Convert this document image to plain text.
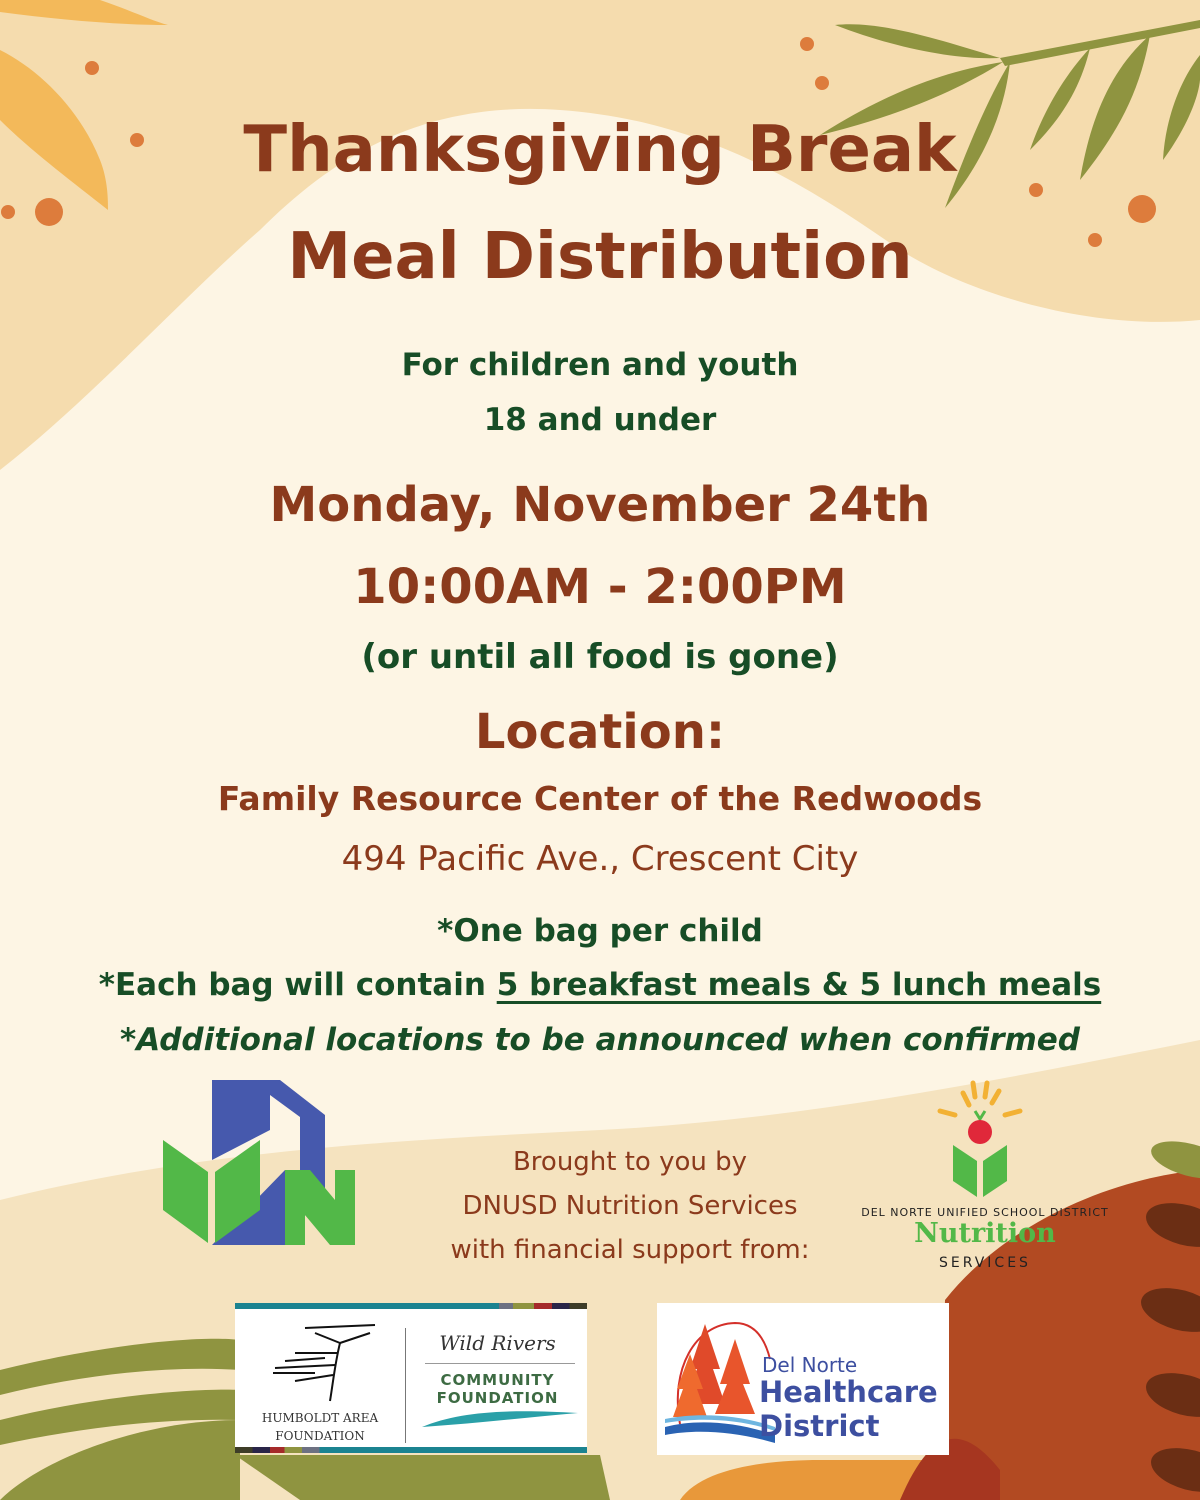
Thanksgiving Break
Meal Distribution

For children and youth

18 and under

Monday, November 24th

10:00AM - 2:00PM

(or until all food is gone)

Location:

Family Resource Center of the Redwoods

494 Pacific Ave., Crescent City

*One bag per child

*Each bag will contain 5 breakfast meals & 5 lunch meals

*Additional locations to be announced when confirmed

Brought to you by
DNUSD Nutrition Services
with financial support from:
DEL NORTE UNIFIED SCHOOL DISTRICT
Nutrition
SERVICES
HUMBOLDT AREA
FOUNDATION
Wild Rivers
COMMUNITY
FOUNDATION
Del Norte
Healthcare
District
